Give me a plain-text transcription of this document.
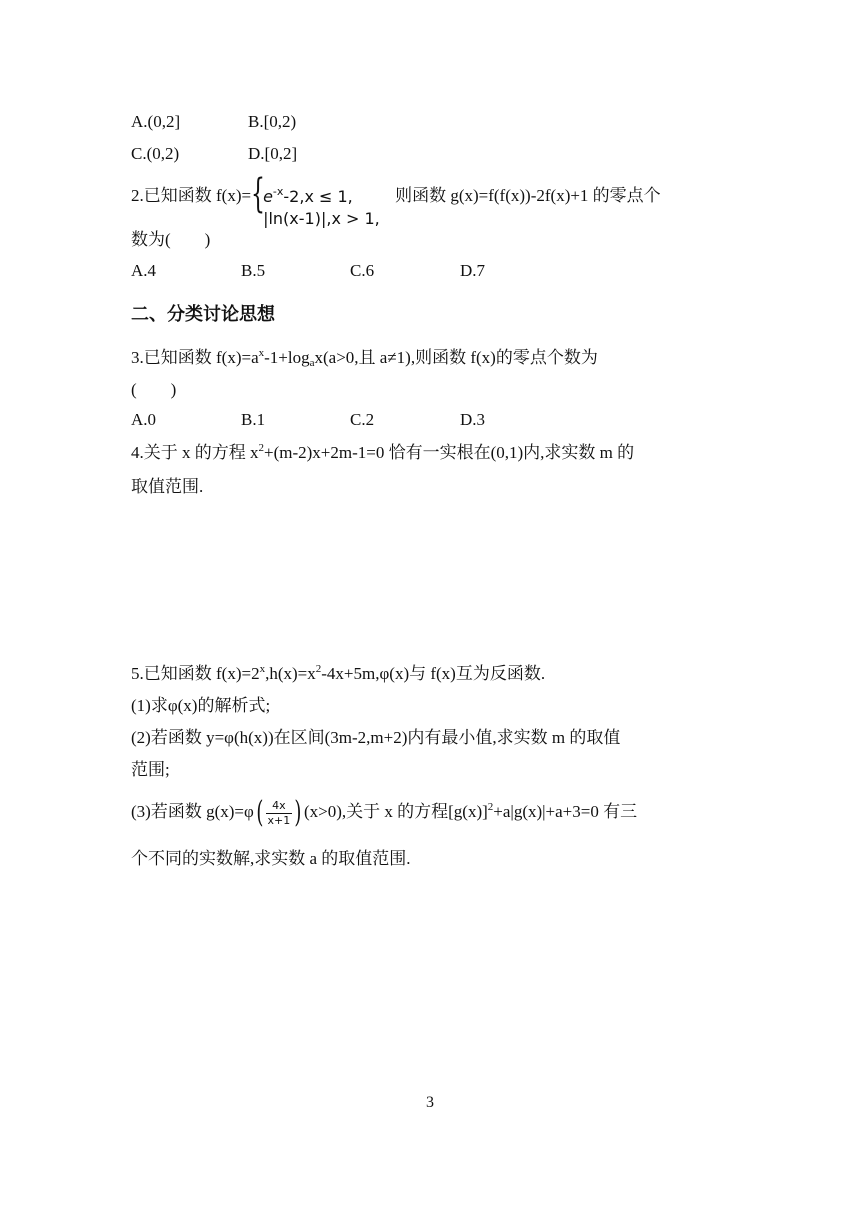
A.(0,2]	B.[0,2)
C.(0,2)	D.[0,2]
2.已知函数 f(x)= {
$e^{-x}-2,x \le 1$,
|ln(x-1)|,x > 1,
则函数 g(x)=f(f(x))-2f(x)+1 的零点个
数为(　　)
A.4	B.5	C.6	D.7
二、分类讨论思想
3.已知函数 $f(x)=a^x-1+\log_ax(a>0$,且 a≠1),则函数 f(x)的零点个数为
(　　)
A.0	B.1	C.2	D.3
4.关于 x 的方程 $x^2+(m-2)x+2m-1=0$ 恰有一实根在(0,1)内,求实数 m 的
取值范围.
5.已知函数 $f(x)=2^x,h(x)=x^2-4x+5m,\varphi(x)$与 f(x)互为反函数.
(1)求φ(x)的解析式;
(2)若函数 y=φ(h(x))在区间(3m-2,m+2)内有最小值,求实数 m 的取值
范围;
(3)若函数 $g(x)=\varphi( \frac{4x}{x+1}$ ) (x>0),关于 x 的方程$[g(x)]^2+a|g(x)|+a+3=0$ 有三
个不同的实数解,求实数 a 的取值范围.
3
